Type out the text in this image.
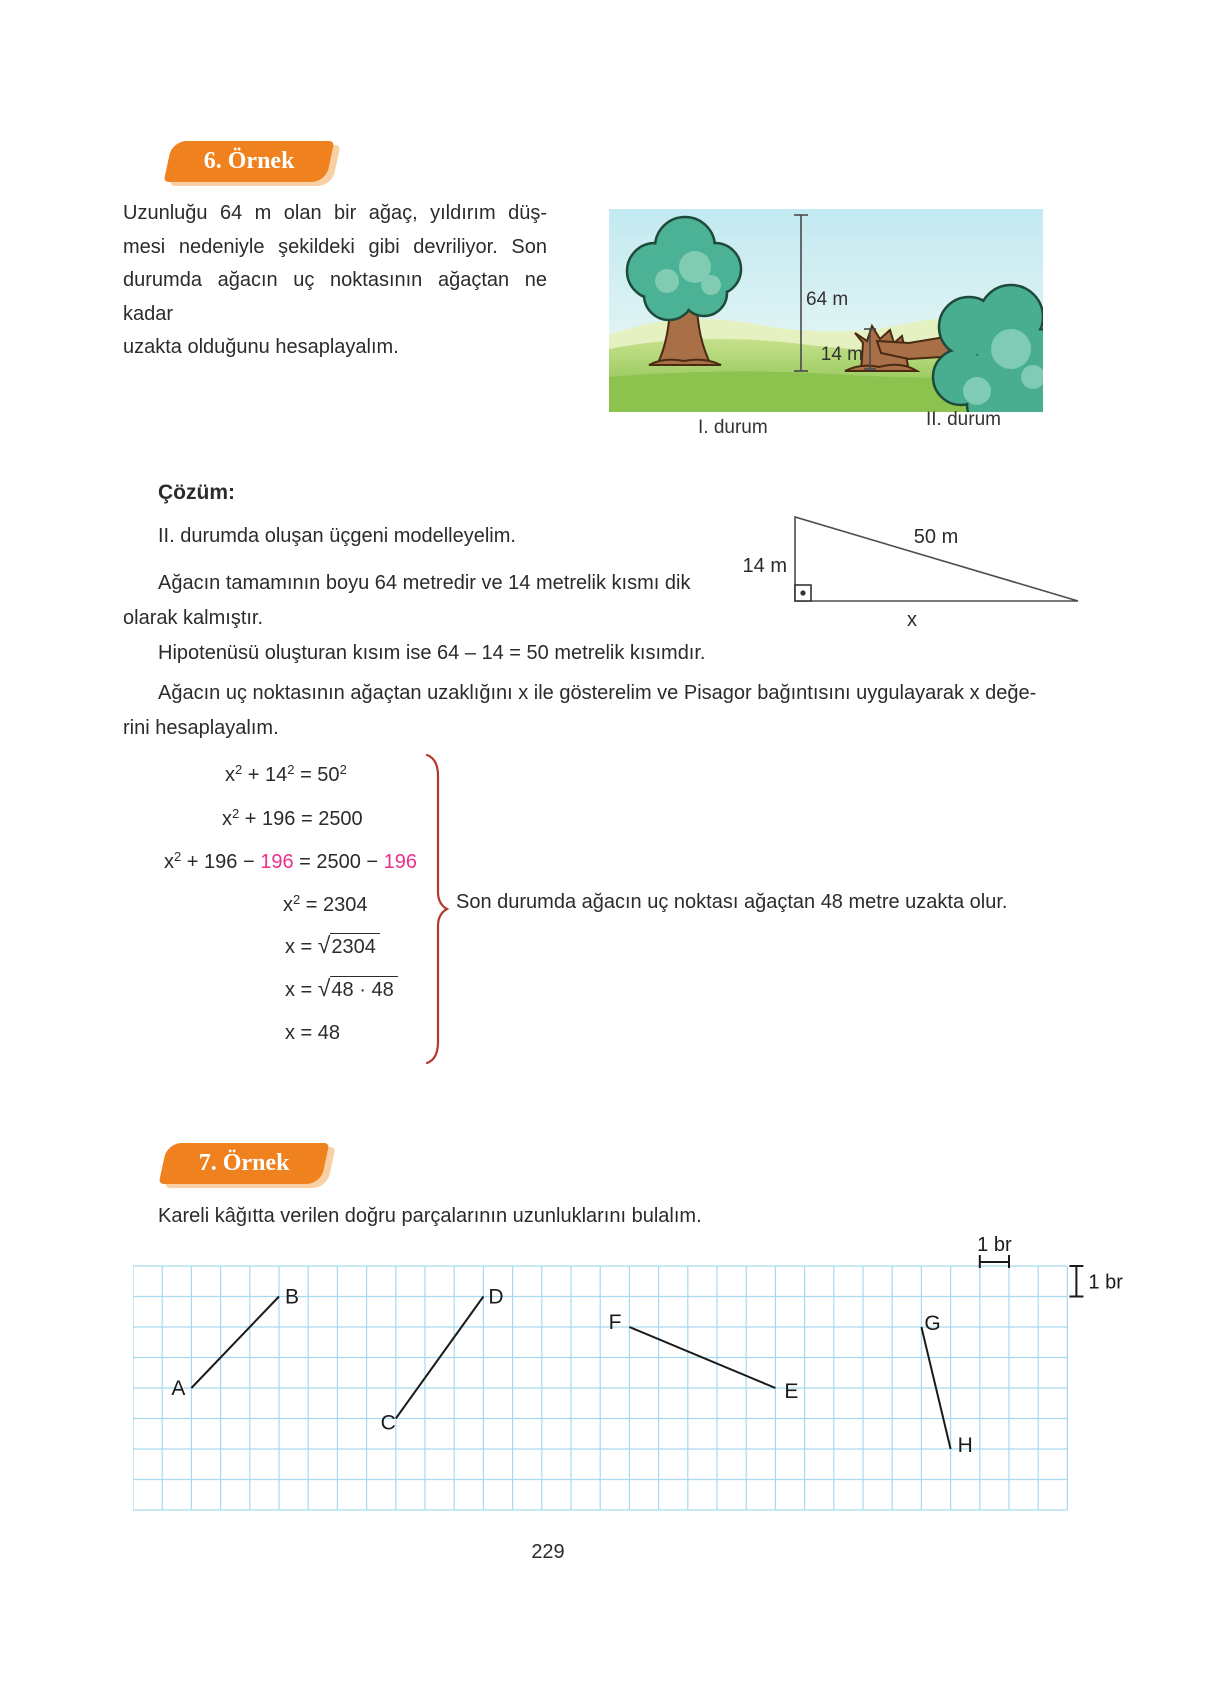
6. Örnek
Uzunluğu 64 m olan bir ağaç, yıldırım düş-
mesi nedeniyle şekildeki gibi devriliyor. Son
durumda ağacın uç noktasının ağaçtan ne kadar
uzakta olduğunu hesaplayalım.
64 m
14 m
I. durum	II. durum
Çözüm:
II. durumda oluşan üçgeni modelleyelim.
Ağacın tamamının boyu 64 metredir ve 14 metrelik kısmı dik
olarak kalmıştır.
Hipotenüsü oluşturan kısım ise 64 – 14 = 50 metrelik kısımdır.
Ağacın uç noktasının ağaçtan uzaklığını x ile gösterelim ve Pisagor bağıntısını uygulayarak x değe-
rini hesaplayalım.
14 m
50 m
x
$x^2 + 14^2 = 50^2$
$x^2 + 196 = 2500$
$x^2 + 196 - 196 = 2500 - 196$
$x^2 = 2304$
x = √ 2304
x = √ 48 · 48
x = 48
Son durumda ağacın uç noktası ağaçtan 48 metre uzakta olur.
7. Örnek
Kareli kâğıtta verilen doğru parçalarının uzunluklarını bulalım.
1 br
1 br
A
B
C
D
F
E
G
H
229
